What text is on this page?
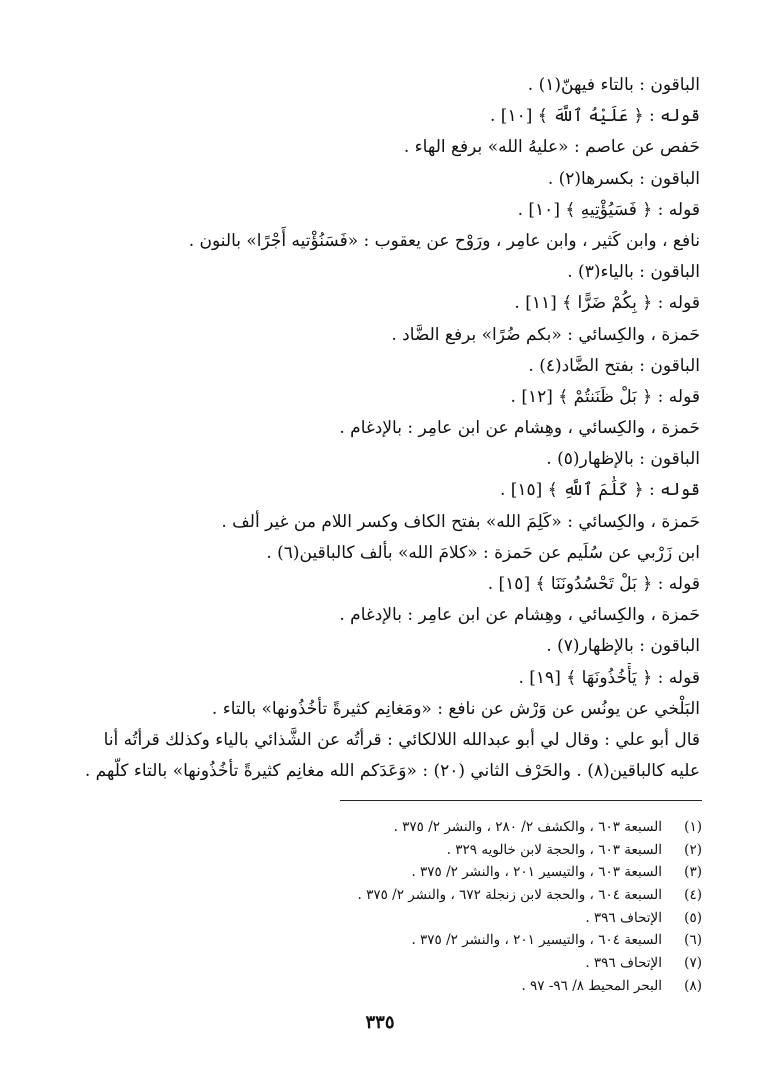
الباقون : بالتاء فيهنّ(١) .
قوله : ﴿ عَلَيْهُ ٱللَّهَ ﴾ [١٠] .
حَفص عن عاصم : «عليهُ الله» برفع الهاء .
الباقون : بكسرها(٢) .
قوله : ﴿ فَسَيُؤْتِيهِ ﴾ [١٠] .
نافع ، وابن كَثير ، وابن عامِر ، ورَوْح عن يعقوب : «فَسَنُؤْتيه أَجْرًا» بالنون .
الباقون : بالياء(٣) .
قوله : ﴿ بِكُمْ ضَرًّا ﴾ [١١] .
حَمزة ، والكِسائي : «بكم ضُرًا» برفع الضَّاد .
الباقون : بفتح الضَّاد(٤) .
قوله : ﴿ بَلْ ظَنَنتُمْ ﴾ [١٢] .
حَمزة ، والكِسائي ، وهِشام عن ابن عامِر : بالإدغام .
الباقون : بالإظهار(٥) .
قوله : ﴿ كَلَٰمَ ٱللَّهِ ﴾ [١٥] .
حَمزة ، والكِسائي : «كَلِمَ الله» بفتح الكاف وكسر اللام من غير ألف .
ابن زَرْبي عن سُلَيم عن حَمزة : «كلامَ الله» بألف كالباقين(٦) .
قوله : ﴿ بَلْ تَحْسُدُونَنَا ﴾ [١٥] .
حَمزة ، والكِسائي ، وهِشام عن ابن عامِر : بالإدغام .
الباقون : بالإظهار(٧) .
قوله : ﴿ يَأْخُذُونَهَا ﴾ [١٩] .
البَلْخي عن يونُس عن وَرْش عن نافع : «ومَغانِم كثيرةً تأخُذُونها» بالتاء .
قال أبو علي : وقال لي أبو عبدالله اللالكائي : قرأتُه عن الشَّذائي بالياء وكذلك قرأتُه أنا
عليه كالباقين(٨) . والحَرْف الثاني (٢٠) : «وَعَدَكم الله مغانِم كثيرةً تأخُذُونها» بالتاء كلّهم .
(١)
السبعة ٦٠٣ ، والكشف ٢/ ٢٨٠ ، والنشر ٢/ ٣٧٥ .
(٢)
السبعة ٦٠٣ ، والحجة لابن خالويه ٣٢٩ .
(٣)
السبعة ٦٠٣ ، والتيسير ٢٠١ ، والنشر ٢/ ٣٧٥ .
(٤)
السبعة ٦٠٤ ، والحجة لابن زنجلة ٦٧٢ ، والنشر ٢/ ٣٧٥ .
(٥)
الإتحاف ٣٩٦ .
(٦)
السبعة ٦٠٤ ، والتيسير ٢٠١ ، والنشر ٢/ ٣٧٥ .
(٧)
الإتحاف ٣٩٦ .
(٨)
البحر المحيط ٨/ ٩٦- ٩٧ .
٣٣٥
